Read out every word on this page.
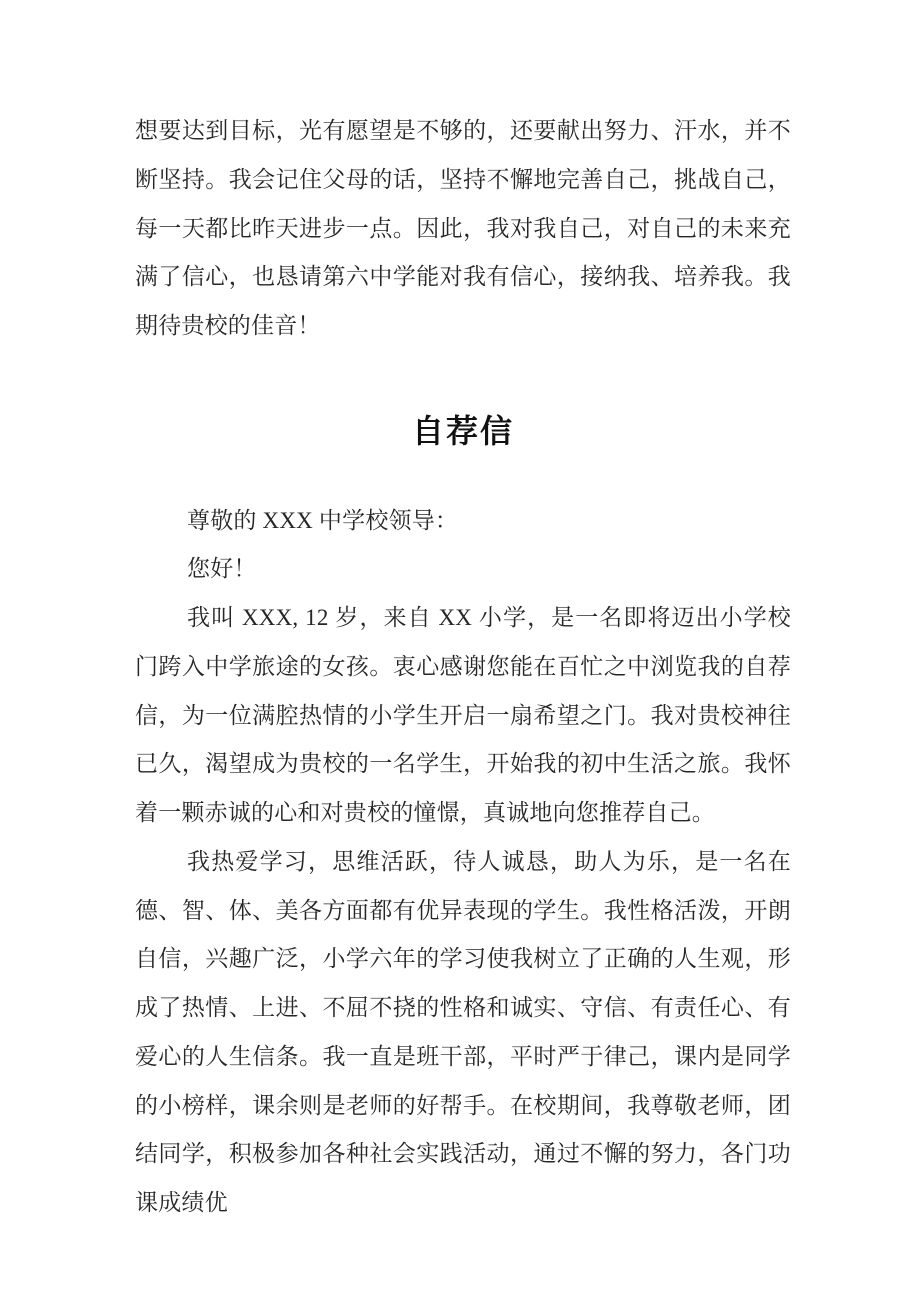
想要达到目标，光有愿望是不够的，还要献出努力、汗水，并不断坚持。我会记住父母的话，坚持不懈地完善自己，挑战自己，每一天都比昨天进步一点。因此，我对我自己，对自己的未来充满了信心，也恳请第六中学能对我有信心，接纳我、培养我。我期待贵校的佳音！

自荐信

尊敬的 XXX 中学校领导：

您好！

我叫 XXX, 12 岁，来自 XX 小学，是一名即将迈出小学校门跨入中学旅途的女孩。衷心感谢您能在百忙之中浏览我的自荐信，为一位满腔热情的小学生开启一扇希望之门。我对贵校神往已久，渴望成为贵校的一名学生，开始我的初中生活之旅。我怀着一颗赤诚的心和对贵校的憧憬，真诚地向您推荐自己。

我热爱学习，思维活跃，待人诚恳，助人为乐，是一名在德、智、体、美各方面都有优异表现的学生。我性格活泼，开朗自信，兴趣广泛，小学六年的学习使我树立了正确的人生观，形成了热情、上进、不屈不挠的性格和诚实、守信、有责任心、有爱心的人生信条。我一直是班干部，平时严于律己，课内是同学的小榜样，课余则是老师的好帮手。在校期间，我尊敬老师，团结同学，积极参加各种社会实践活动，通过不懈的努力，各门功课成绩优
